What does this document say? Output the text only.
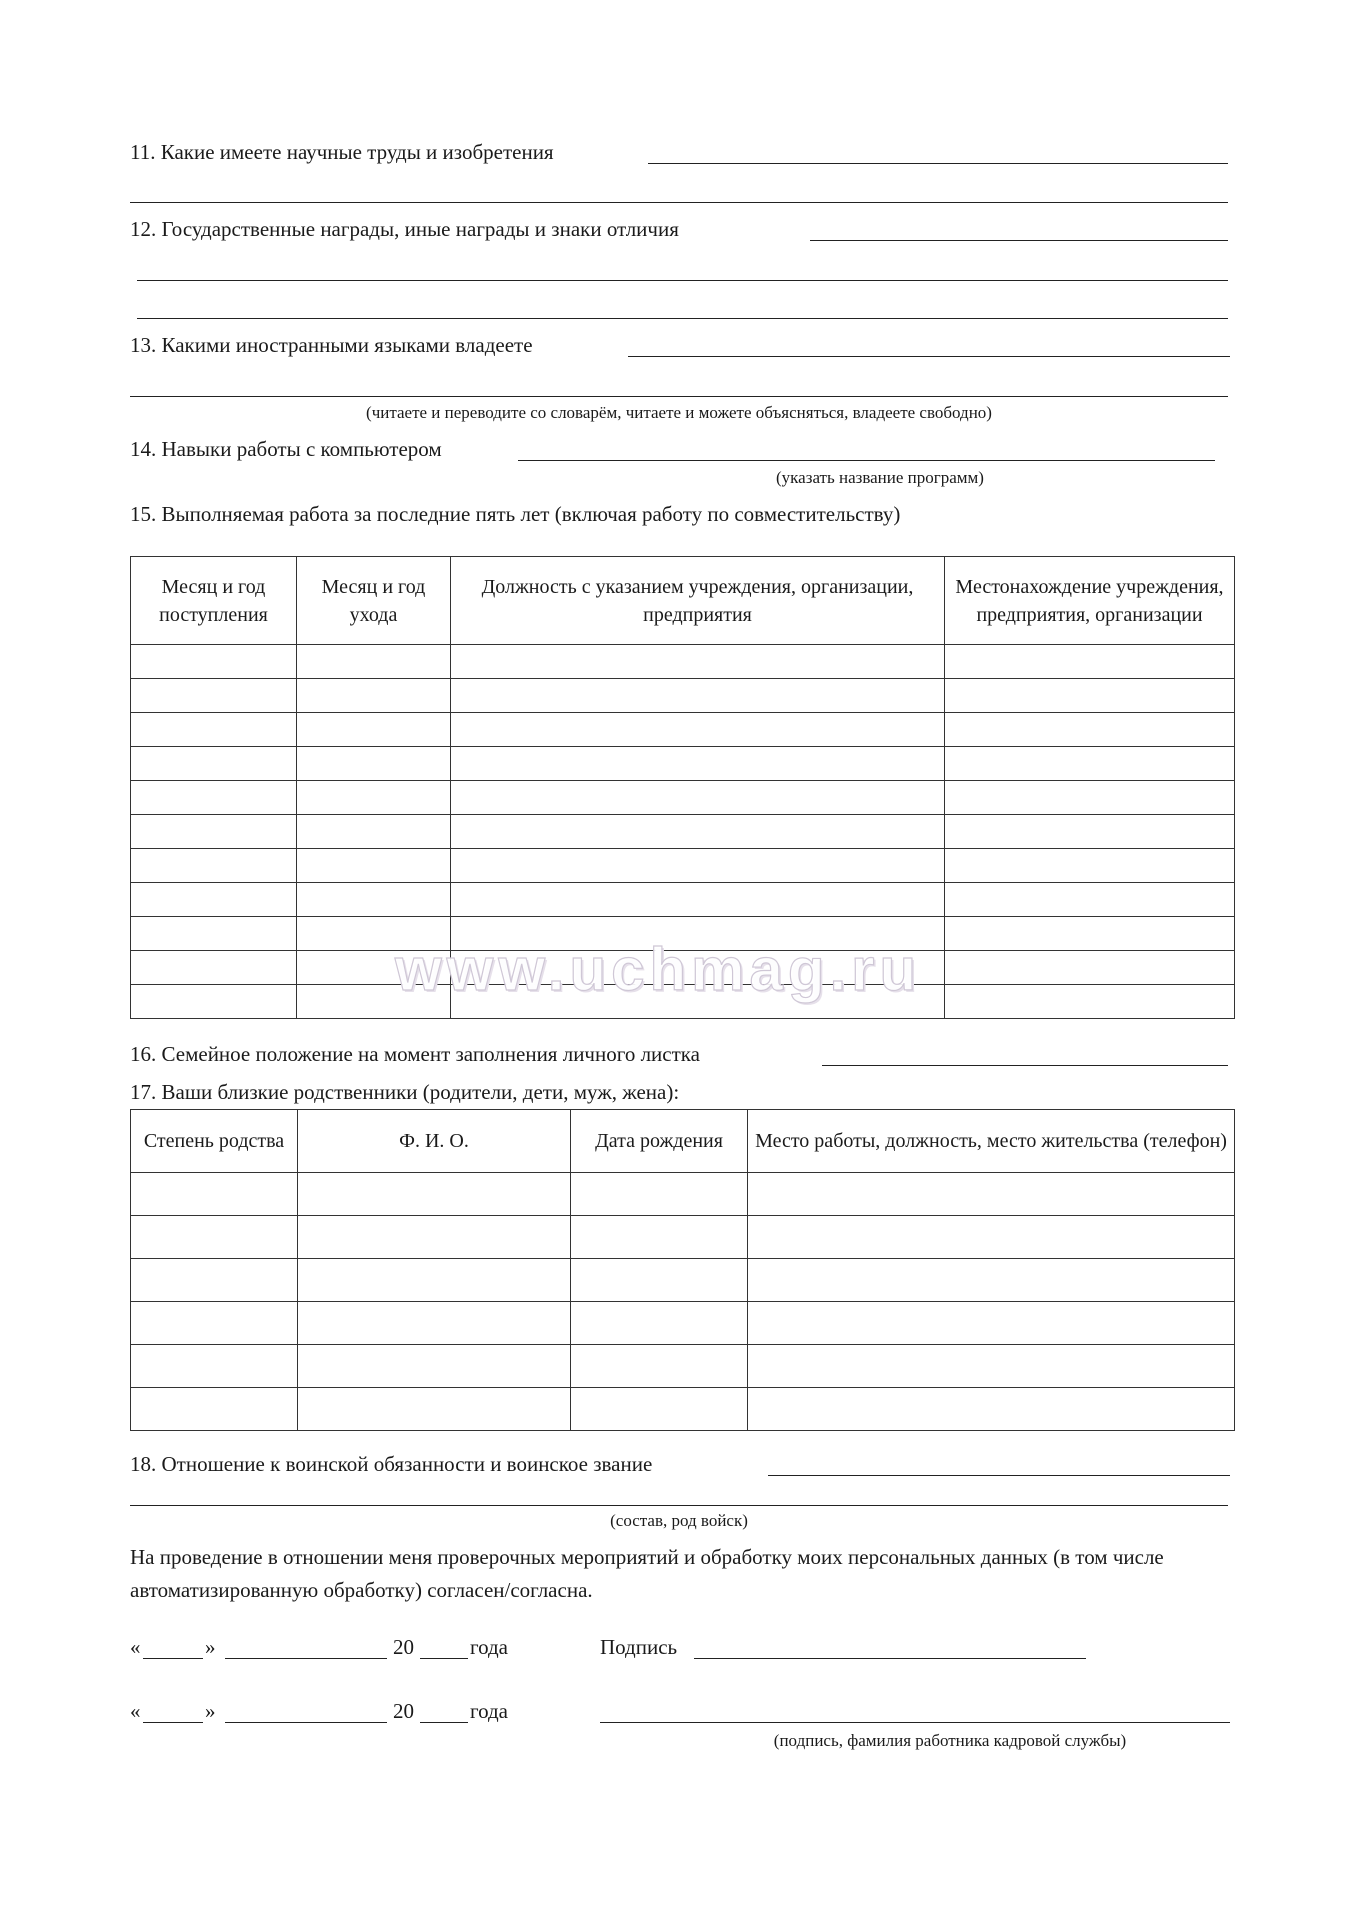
11. Какие имеете научные труды и изобретения
12. Государственные награды, иные награды и знаки отличия
13. Какими иностранными языками владеете
(читаете и переводите со словарём, читаете и можете объясняться, владеете свободно)
14. Навыки работы с компьютером
(указать название программ)
15. Выполняемая работа за последние пять лет (включая работу по совместительству)
Месяц и год поступления	Месяц и год ухода	Должность с указанием учреждения, организации, предприятия	Местонахождение учреждения, предприятия, организации

www.uchmag.ru
16. Семейное положение на момент заполнения личного листка
17. Ваши близкие родственники (родители, дети, муж, жена):
Степень родства	Ф. И. О.	Дата рождения	Место работы, должность, место жительства (телефон)

18. Отношение к воинской обязанности и воинское звание
(состав, род войск)
На проведение в отношении меня проверочных мероприятий и обработку моих персональных данных (в том числе автоматизированную обработку) согласен/согласна.
«	»	20	года	Подпись
«	»	20	года
(подпись, фамилия работника кадровой службы)
